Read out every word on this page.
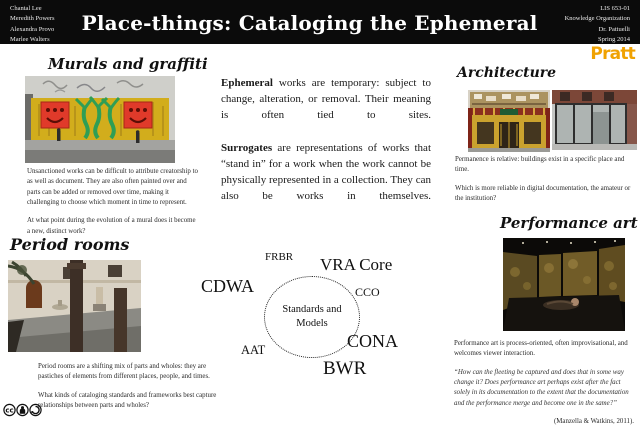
Chantal Lee
Meredith Powers
Alexandra Provo
Marlee Walters
Place-things: Cataloging the Ephemeral
LIS 653-01
Knowledge Organization
Dr. Pattuelli
Spring 2014
Pratt
Murals and graffiti

Unsanctioned works can be difficult to attribute creatorship to as well as document. They are also often painted over and parts can be added or removed over time, making it challenging to choose which moment in time to represent.

At what point during the evolution of a mural does it become a new, distinct work?

Ephemeral works are temporary: subject to change, alteration, or removal. Their meaning is often tied to sites.

Surrogates are representations of works that “stand in” for a work when the work cannot be physically represented in a collection. They can also be works in themselves.

Architecture

Permanence is relative: buildings exist in a specific place and time.

Which is more reliable in digital documentation, the amateur or the institution?

Period rooms

Period rooms are a shifting mix of parts and wholes: they are pastiches of elements from different places, people, and times.

What kinds of cataloging standards and frameworks best capture relationships between parts and wholes?

FRBR VRA Core
CDWA	CCO
CONA
BWR
AAT
Standards and Models
Performance art

Performance art is process-oriented, often improvisational, and welcomes viewer interaction.

“How can the fleeting be captured and does that in some way change it? Does performance art perhaps exist after the fact solely in its documentation to the extent that the documentation and the performance merge and become one in the same?”

(Manzella & Watkins, 2011).

cc
